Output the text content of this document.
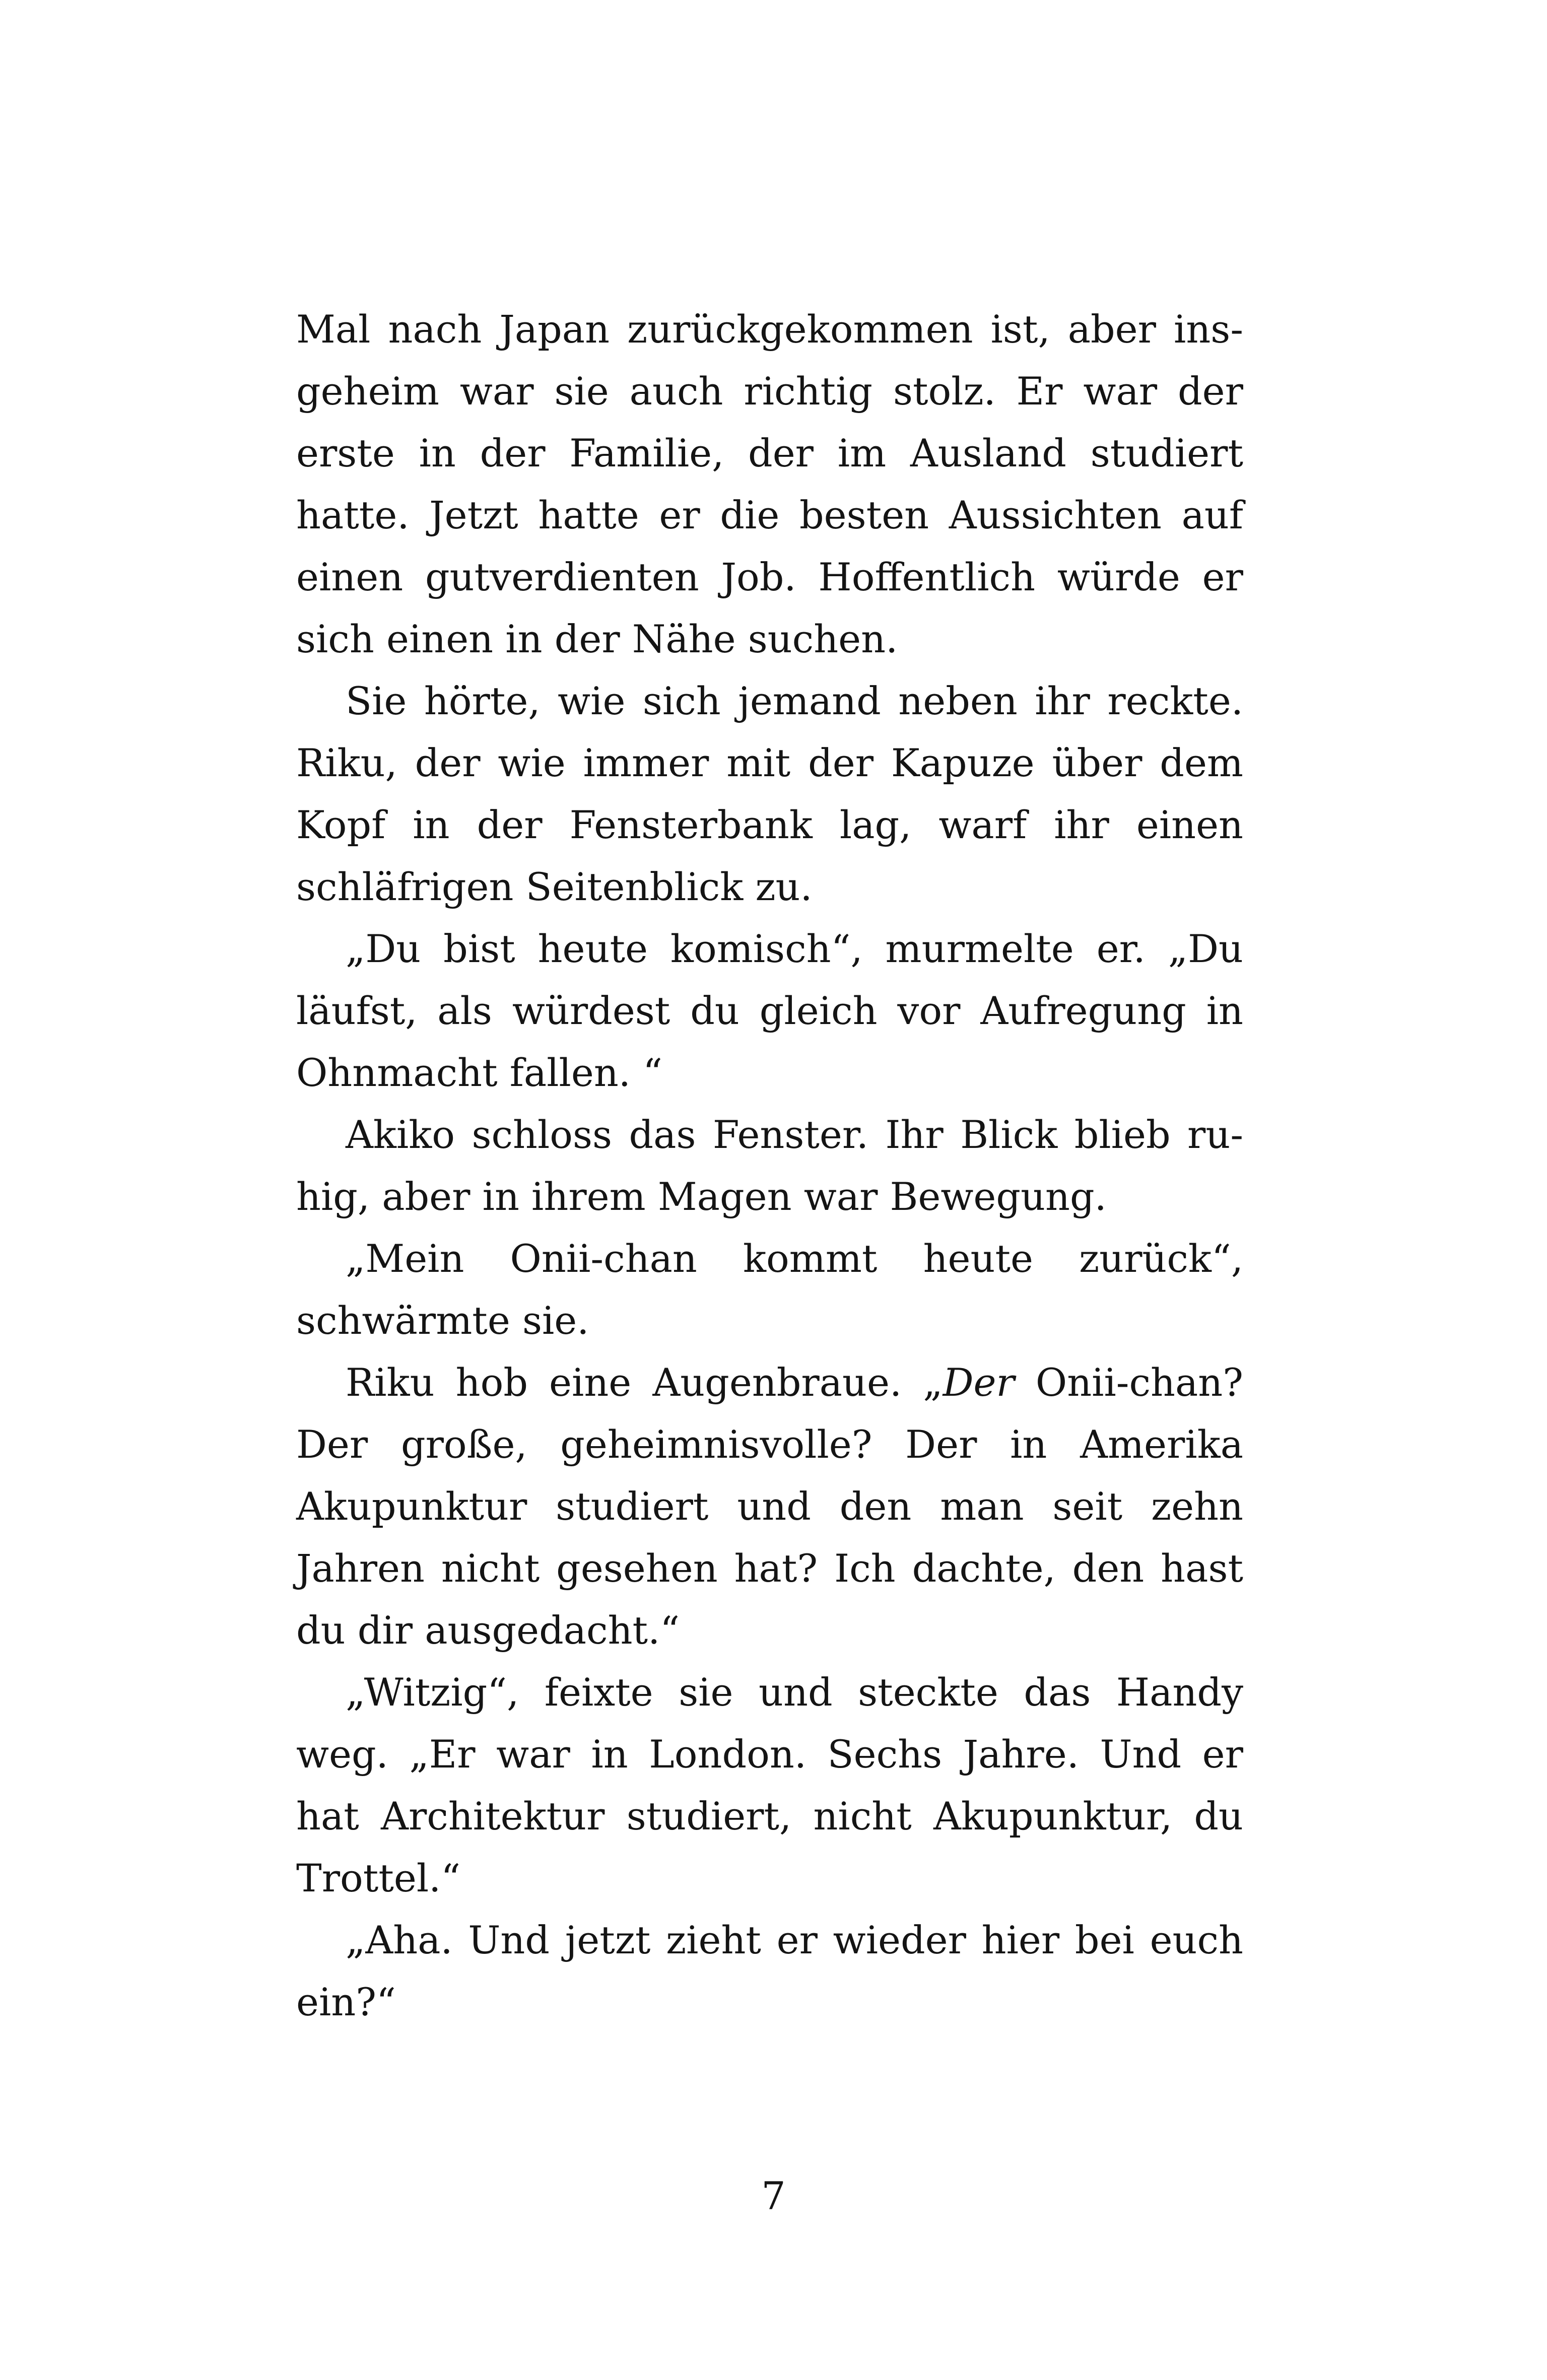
Mal nach Japan zurückgekommen ist, aber insgeheim war sie auch richtig stolz. Er war der erste in der Familie, der im Ausland studiert hatte. Jetzt hatte er die besten Aussichten auf einen gutverdienten Job. Hoffentlich würde er sich einen in der Nähe suchen.

Sie hörte, wie sich jemand neben ihr reckte. Riku, der wie immer mit der Kapuze über dem Kopf in der Fensterbank lag, warf ihr einen schläfrigen Seitenblick zu.

„Du bist heute komisch“, murmelte er. „Du läufst, als würdest du gleich vor Aufregung in Ohnmacht fallen. “

Akiko schloss das Fenster. Ihr Blick blieb ruhig, aber in ihrem Magen war Bewegung.

„Mein Onii-chan kommt heute zurück“, schwärmte sie.

Riku hob eine Augenbraue. „Der Onii-chan? Der große, geheimnisvolle? Der in Amerika Akupunktur studiert und den man seit zehn Jahren nicht gesehen hat? Ich dachte, den hast du dir ausgedacht.“

„Witzig“, feixte sie und steckte das Handy weg. „Er war in London. Sechs Jahre. Und er hat Architektur studiert, nicht Akupunktur, du Trottel.“

„Aha. Und jetzt zieht er wieder hier bei euch ein?“

7
